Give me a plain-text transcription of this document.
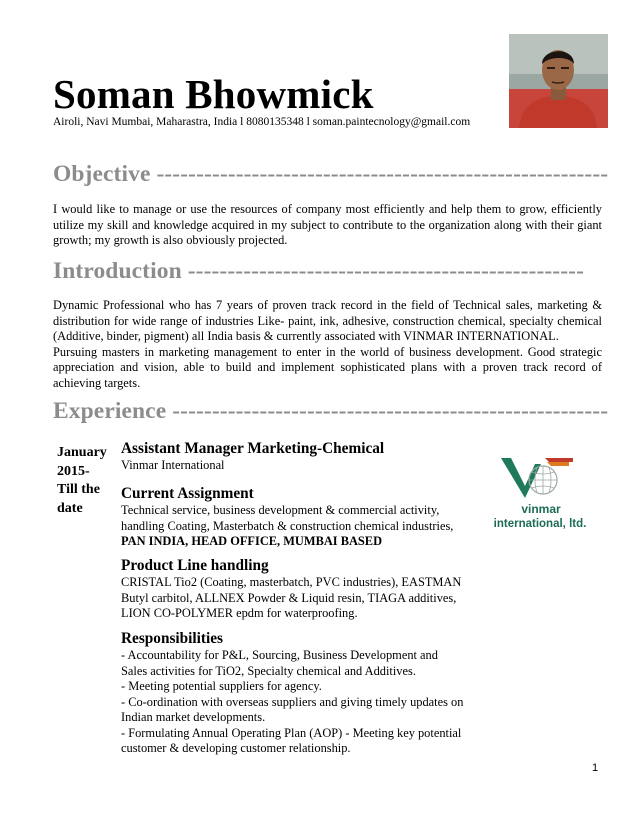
Soman Bhowmick
Airoli, Navi Mumbai, Maharastra, India l 8080135348 l soman.paintecnology@gmail.com
Objective ---------------------------------------------------------
I would like to manage or use the resources of company most efficiently and help them to grow, efficiently
utilize my skill and knowledge acquired in my subject to contribute to the organization along with their giant
growth; my growth is also obviously projected.
Introduction --------------------------------------------------
Dynamic Professional who has 7 years of proven track record in the field of Technical sales, marketing &
distribution for wide range of industries Like- paint, ink, adhesive, construction chemical, specialty chemical
(Additive, binder, pigment) all India basis & currently associated with VINMAR INTERNATIONAL.
Pursuing masters in marketing management to enter in the world of business development. Good strategic
appreciation and vision, able to build and implement sophisticated plans with a proven track record of
achieving targets.
Experience -------------------------------------------------------
January
2015-
Till the
date
Assistant Manager Marketing-Chemical
Vinmar International
Current Assignment
Technical service, business development & commercial activity,
handling Coating, Masterbatch & construction chemical industries,
PAN INDIA, HEAD OFFICE, MUMBAI BASED
Product Line handling
CRISTAL Tio2 (Coating, masterbatch, PVC industries), EASTMAN
Butyl carbitol, ALLNEX Powder & Liquid resin, TIAGA additives,
LION CO-POLYMER epdm for waterproofing.
Responsibilities
- Accountability for P&L, Sourcing, Business Development and
Sales activities for TiO2, Specialty chemical and Additives.
- Meeting potential suppliers for agency.
- Co-ordination with overseas suppliers and giving timely updates on
Indian market developments.
- Formulating Annual Operating Plan (AOP) - Meeting key potential
customer & developing customer relationship.
vinmar
international, ltd.
1
